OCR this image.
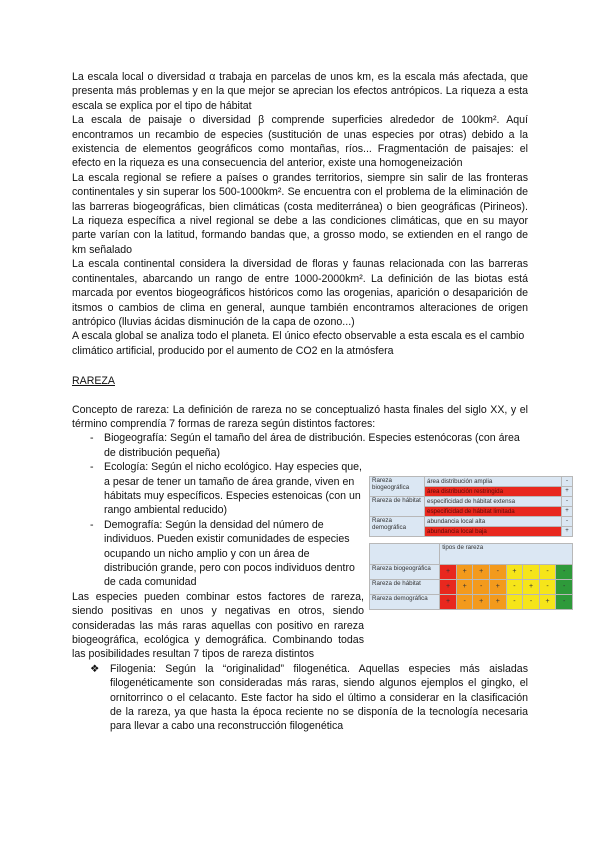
La escala local o diversidad α trabaja en parcelas de unos km, es la escala más afectada, que presenta más problemas y en la que mejor se aprecian los efectos antrópicos. La riqueza a esta escala se explica por el tipo de hábitat

La escala de paisaje o diversidad β comprende superficies alrededor de 100km². Aquí encontramos un recambio de especies (sustitución de unas especies por otras) debido a la existencia de elementos geográficos como montañas, ríos... Fragmentación de paisajes: el efecto en la riqueza es una consecuencia del anterior, existe una homogeneización

La escala regional se refiere a países o grandes territorios, siempre sin salir de las fronteras continentales y sin superar los 500-1000km². Se encuentra con el problema de la eliminación de las barreras biogeográficas, bien climáticas (costa mediterránea) o bien geográficas (Pirineos). La riqueza específica a nivel regional se debe a las condiciones climáticas, que en su mayor parte varían con la latitud, formando bandas que, a grosso modo, se extienden en el rango de km señalado

La escala continental considera la diversidad de floras y faunas relacionada con las barreras continentales, abarcando un rango de entre 1000-2000km². La definición de las biotas está marcada por eventos biogeográficos históricos como las orogenias, aparición o desaparición de itsmos o cambios de clima en general, aunque también encontramos alteraciones de origen antrópico (lluvias ácidas disminución de la capa de ozono...)

A escala global se analiza todo el planeta. El único efecto observable a esta escala es el cambio climático artificial, producido por el aumento de CO2 en la atmósfera

RAREZA

Concepto de rareza: La definición de rareza no se conceptualizó hasta finales del siglo XX, y el término comprendía 7 formas de rareza según distintos factores:

- Biogeografía: Según el tamaño del área de distribución. Especies estenócoras (con área de distribución pequeña)
- Ecología: Según el nicho ecológico. Hay especies que, a pesar de tener un tamaño de área grande, viven en hábitats muy específicos. Especies estenoicas (con un rango ambiental reducido)
- Demografía: Según la densidad del número de individuos. Pueden existir comunidades de especies ocupando un nicho amplio y con un área de distribución grande, pero con pocos individuos dentro de cada comunidad

Las especies pueden combinar estos factores de rareza, siendo positivas en unos y negativas en otros, siendo consideradas las más raras aquellas con positivo en rareza biogeográfica, ecológica y demográfica. Combinando todas las posibilidades resultan 7 tipos de rareza distintos

❖ Filogenia: Según la “originalidad” filogenética. Aquellas especies más aisladas filogenéticamente son consideradas más raras, siendo algunos ejemplos el gingko, el ornitorrinco o el celacanto. Este factor ha sido el último a considerar en la clasificación de la rareza, ya que hasta la época reciente no se disponía de la tecnología necesaria para llevar a cabo una reconstrucción filogenética

Rareza biogeográfica	área distribución amplia	-
	área distribución restringida	+
Rareza de hábitat	especificidad de hábitat extensa	-
	especificidad de hábitat limitada	+
Rareza demográfica	abundancia local alta	-
	abundancia local baja	+
	tipos de rareza							
Rareza biogeográfica	+	+	+	-	+	-	-	-
Rareza de hábitat	+	+	-	+	-	+	-	-
Rareza demográfica	+	-	+	+	-	-	+	-
